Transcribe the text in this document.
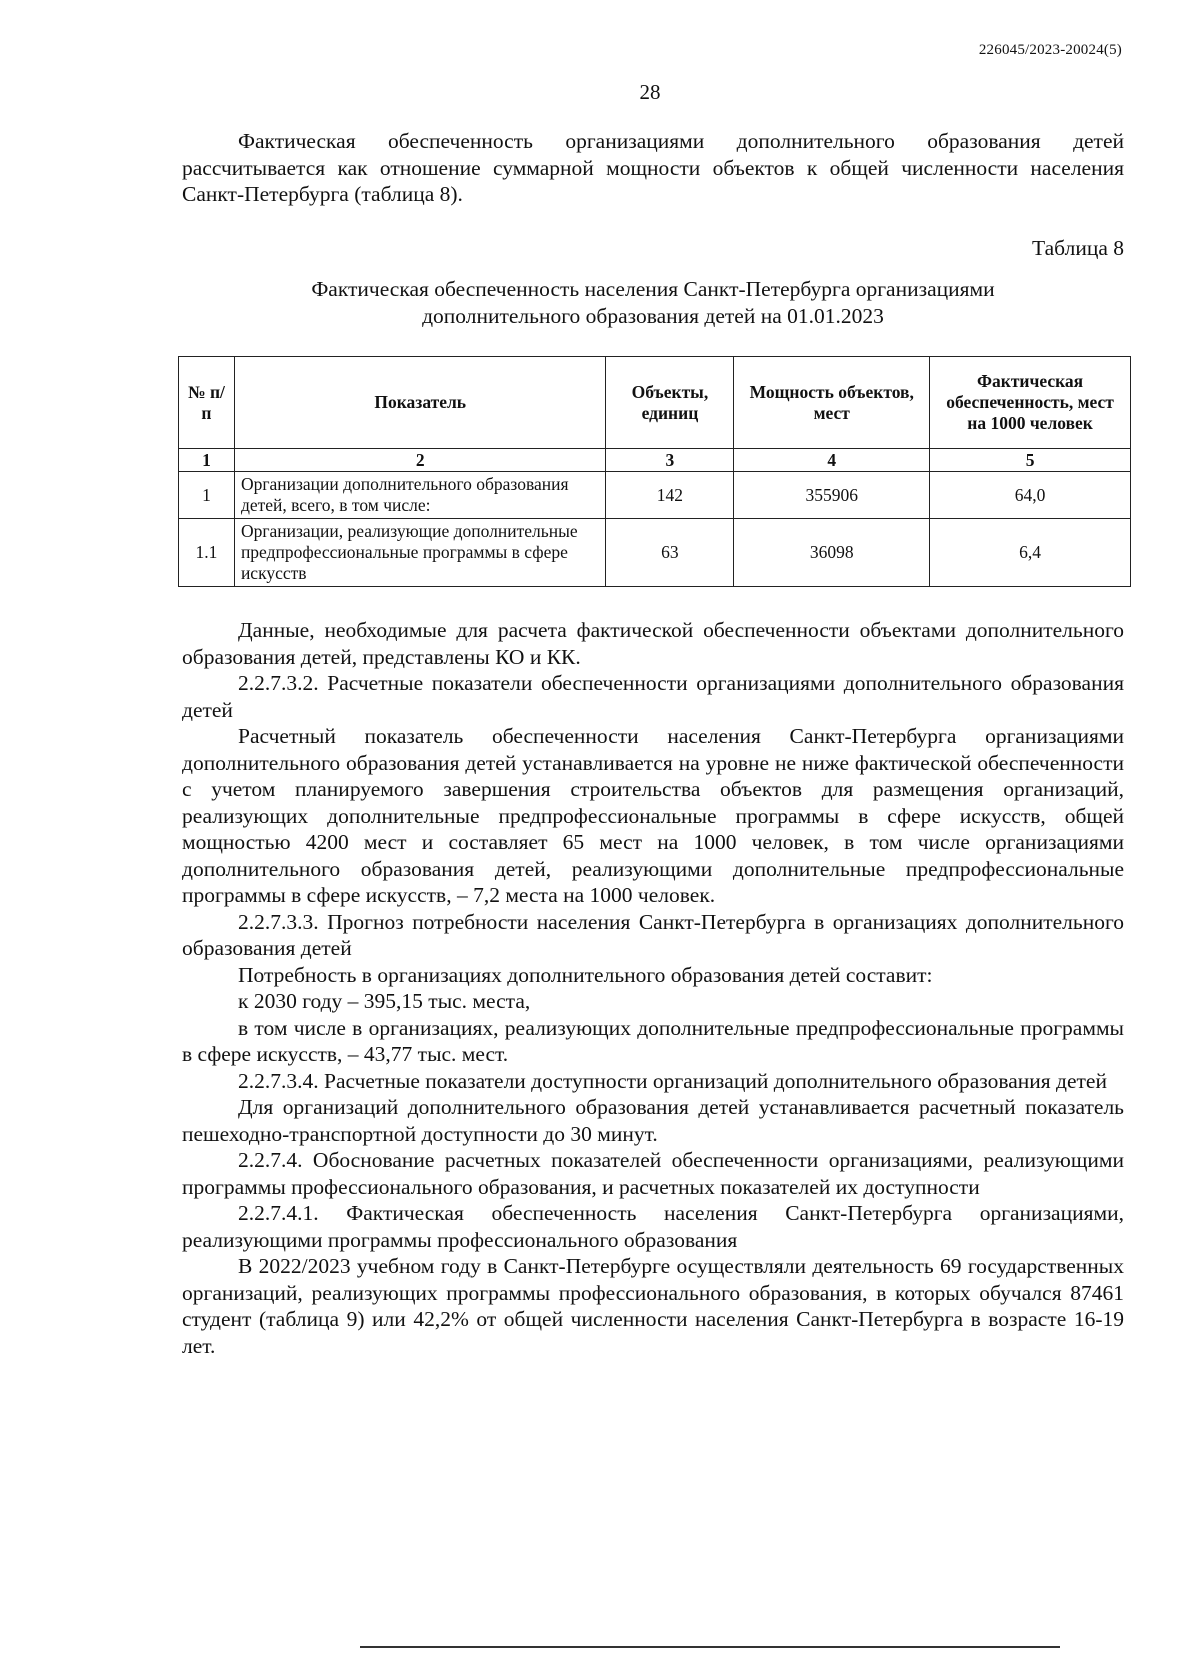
226045/2023-20024(5)
28

Фактическая обеспеченность организациями дополнительного образования детей рассчитывается как отношение суммарной мощности объектов к общей численности населения Санкт-Петербурга (таблица 8).

Таблица 8
Фактическая обеспеченность населения Санкт-Петербурга организациями
дополнительного образования детей на 01.01.2023
№ п/п	Показатель	Объекты, единиц	Мощность объектов, мест	Фактическая обеспеченность, мест на 1000 человек
1	2	3	4	5
1	Организации дополнительного образования детей, всего, в том числе:	142	355906	64,0
1.1	Организации, реализующие дополнительные предпрофессиональные программы в сфере искусств	63	36098	6,4

Данные, необходимые для расчета фактической обеспеченности объектами дополнительного образования детей, представлены КО и КК.

2.2.7.3.2. Расчетные показатели обеспеченности организациями дополнительного образования детей

Расчетный показатель обеспеченности населения Санкт-Петербурга организациями дополнительного образования детей устанавливается на уровне не ниже фактической обеспеченности с учетом планируемого завершения строительства объектов для размещения организаций, реализующих дополнительные предпрофессиональные программы в сфере искусств, общей мощностью 4200 мест и составляет 65 мест на 1000 человек, в том числе организациями дополнительного образования детей, реализующими дополнительные предпрофессиональные программы в сфере искусств, – 7,2 места на 1000 человек.

2.2.7.3.3. Прогноз потребности населения Санкт-Петербурга в организациях дополнительного образования детей

Потребность в организациях дополнительного образования детей составит:

к 2030 году – 395,15 тыс. места,

в том числе в организациях, реализующих дополнительные предпрофессиональные программы в сфере искусств, – 43,77 тыс. мест.

2.2.7.3.4. Расчетные показатели доступности организаций дополнительного образования детей

Для организаций дополнительного образования детей устанавливается расчетный показатель пешеходно-транспортной доступности до 30 минут.

2.2.7.4. Обоснование расчетных показателей обеспеченности организациями, реализующими программы профессионального образования, и расчетных показателей их доступности

2.2.7.4.1. Фактическая обеспеченность населения Санкт-Петербурга организациями, реализующими программы профессионального образования

В 2022/2023 учебном году в Санкт-Петербурге осуществляли деятельность 69 государственных организаций, реализующих программы профессионального образования, в которых обучался 87461 студент (таблица 9) или 42,2% от общей численности населения Санкт-Петербурга в возрасте 16-19 лет.
